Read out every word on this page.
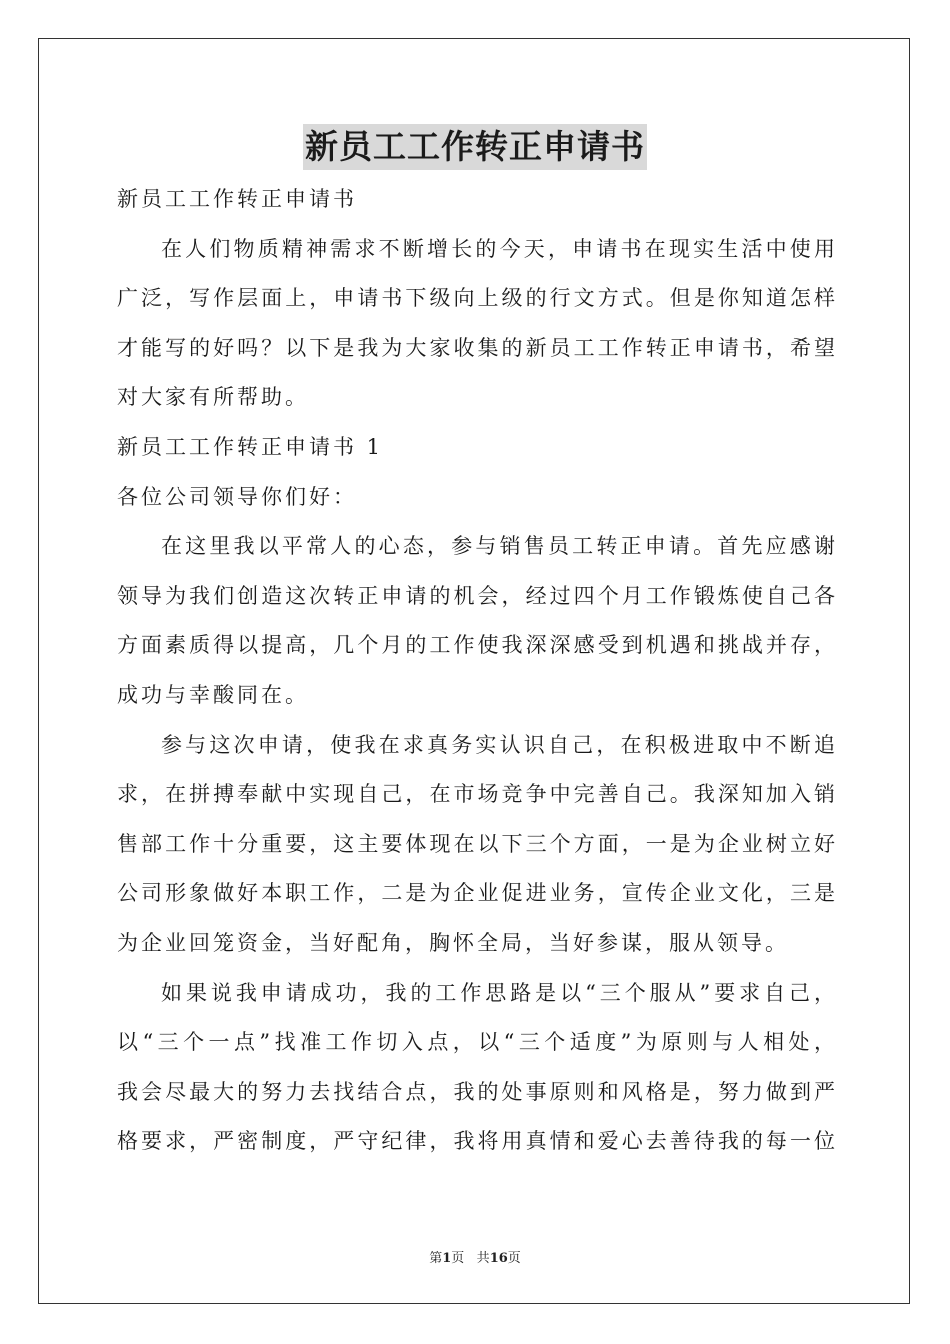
新员工工作转正申请书
新员工工作转正申请书
在人们物质精神需求不断增长的今天，申请书在现实生活中使用
广泛，写作层面上，申请书下级向上级的行文方式。但是你知道怎样
才能写的好吗？以下是我为大家收集的新员工工作转正申请书，希望
对大家有所帮助。
新员工工作转正申请书 1
各位公司领导你们好：
在这里我以平常人的心态，参与销售员工转正申请。首先应感谢
领导为我们创造这次转正申请的机会，经过四个月工作锻炼使自己各
方面素质得以提高，几个月的工作使我深深感受到机遇和挑战并存，
成功与幸酸同在。
参与这次申请，使我在求真务实认识自己，在积极进取中不断追
求，在拼搏奉献中实现自己，在市场竞争中完善自己。我深知加入销
售部工作十分重要，这主要体现在以下三个方面，一是为企业树立好
公司形象做好本职工作，二是为企业促进业务，宣传企业文化，三是
为企业回笼资金，当好配角，胸怀全局，当好参谋，服从领导。
如果说我申请成功，我的工作思路是以“三个服从”要求自己，
以“三个一点”找准工作切入点，以“三个适度”为原则与人相处，
我会尽最大的努力去找结合点，我的处事原则和风格是，努力做到严
格要求，严密制度，严守纪律，我将用真情和爱心去善待我的每一位
第1页 共16页
